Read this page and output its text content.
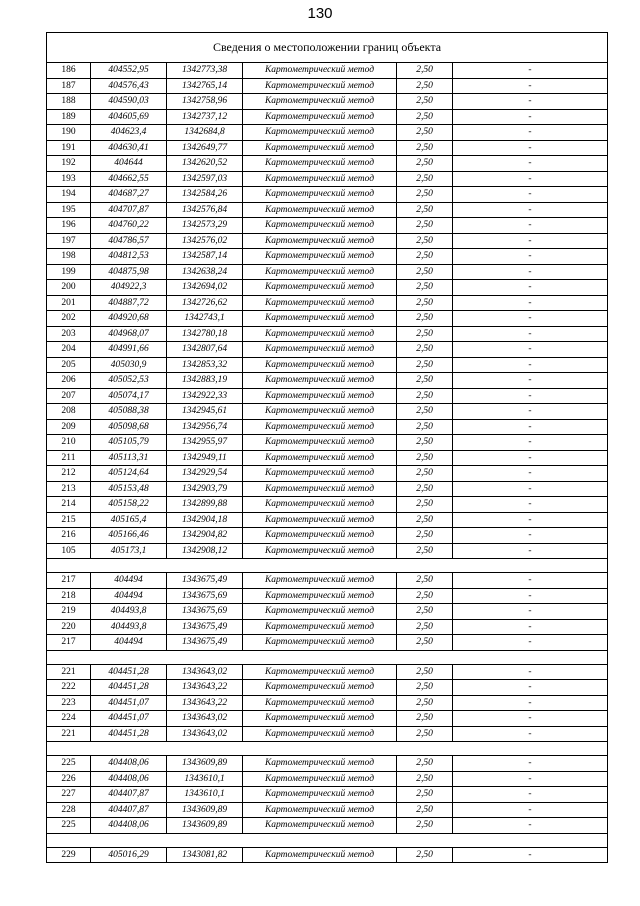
130
Сведения о местоположении границ объекта					
186	404552,95	1342773,38	Картометрический метод	2,50	-
187	404576,43	1342765,14	Картометрический метод	2,50	-
188	404590,03	1342758,96	Картометрический метод	2,50	-
189	404605,69	1342737,12	Картометрический метод	2,50	-
190	404623,4	1342684,8	Картометрический метод	2,50	-
191	404630,41	1342649,77	Картометрический метод	2,50	-
192	404644	1342620,52	Картометрический метод	2,50	-
193	404662,55	1342597,03	Картометрический метод	2,50	-
194	404687,27	1342584,26	Картометрический метод	2,50	-
195	404707,87	1342576,84	Картометрический метод	2,50	-
196	404760,22	1342573,29	Картометрический метод	2,50	-
197	404786,57	1342576,02	Картометрический метод	2,50	-
198	404812,53	1342587,14	Картометрический метод	2,50	-
199	404875,98	1342638,24	Картометрический метод	2,50	-
200	404922,3	1342694,02	Картометрический метод	2,50	-
201	404887,72	1342726,62	Картометрический метод	2,50	-
202	404920,68	1342743,1	Картометрический метод	2,50	-
203	404968,07	1342780,18	Картометрический метод	2,50	-
204	404991,66	1342807,64	Картометрический метод	2,50	-
205	405030,9	1342853,32	Картометрический метод	2,50	-
206	405052,53	1342883,19	Картометрический метод	2,50	-
207	405074,17	1342922,33	Картометрический метод	2,50	-
208	405088,38	1342945,61	Картометрический метод	2,50	-
209	405098,68	1342956,74	Картометрический метод	2,50	-
210	405105,79	1342955,97	Картометрический метод	2,50	-
211	405113,31	1342949,11	Картометрический метод	2,50	-
212	405124,64	1342929,54	Картометрический метод	2,50	-
213	405153,48	1342903,79	Картометрический метод	2,50	-
214	405158,22	1342899,88	Картометрический метод	2,50	-
215	405165,4	1342904,18	Картометрический метод	2,50	-
216	405166,46	1342904,82	Картометрический метод	2,50	-
105	405173,1	1342908,12	Картометрический метод	2,50	-

217	404494	1343675,49	Картометрический метод	2,50	-
218	404494	1343675,69	Картометрический метод	2,50	-
219	404493,8	1343675,69	Картометрический метод	2,50	-
220	404493,8	1343675,49	Картометрический метод	2,50	-
217	404494	1343675,49	Картометрический метод	2,50	-

221	404451,28	1343643,02	Картометрический метод	2,50	-
222	404451,28	1343643,22	Картометрический метод	2,50	-
223	404451,07	1343643,22	Картометрический метод	2,50	-
224	404451,07	1343643,02	Картометрический метод	2,50	-
221	404451,28	1343643,02	Картометрический метод	2,50	-

225	404408,06	1343609,89	Картометрический метод	2,50	-
226	404408,06	1343610,1	Картометрический метод	2,50	-
227	404407,87	1343610,1	Картометрический метод	2,50	-
228	404407,87	1343609,89	Картометрический метод	2,50	-
225	404408,06	1343609,89	Картометрический метод	2,50	-

229	405016,29	1343081,82	Картометрический метод	2,50	-
